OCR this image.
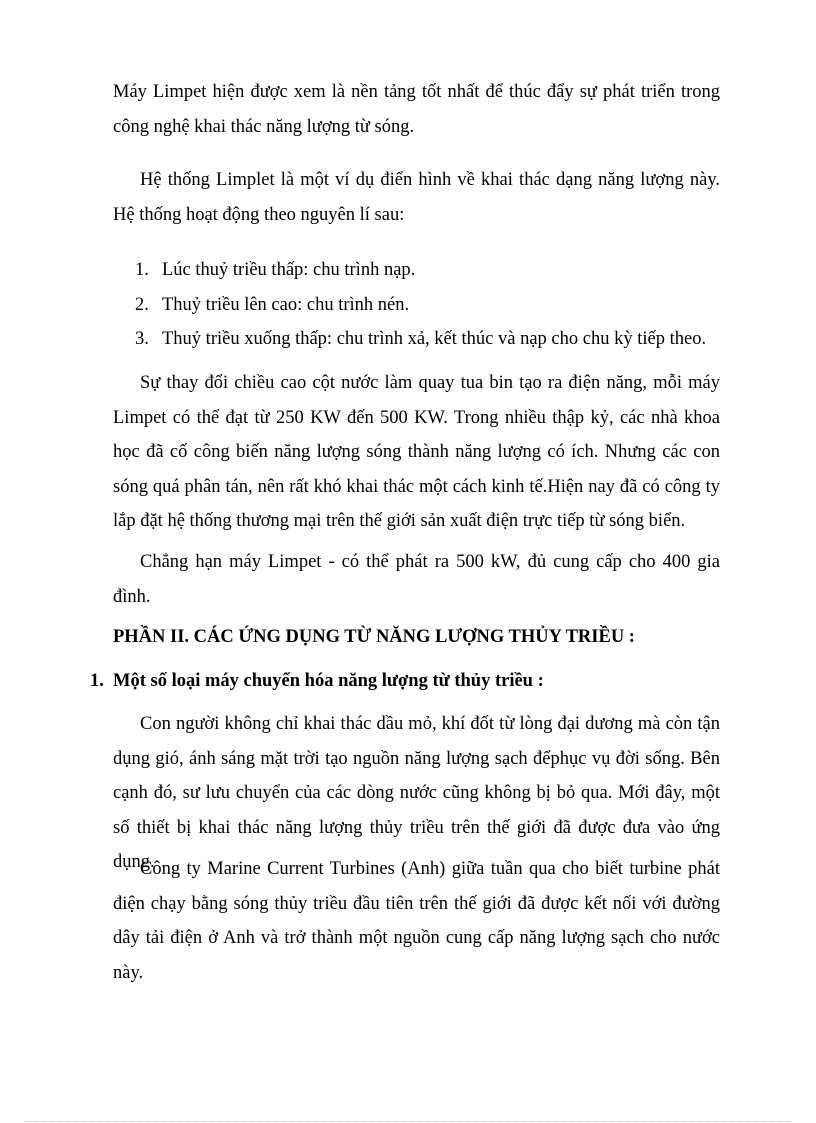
Máy Limpet hiện được xem là nền tảng tốt nhất để thúc đẩy sự phát triển trong công nghệ khai thác năng lượng từ sóng.

Hệ thống Limplet là một ví dụ điển hình về khai thác dạng năng lượng này. Hệ thống hoạt động theo nguyên lí sau:

1. Lúc thuỷ triều thấp: chu trình nạp.
2. Thuỷ triều lên cao: chu trình nén.
3. Thuỷ triều xuống thấp: chu trình xả, kết thúc và nạp cho chu kỳ tiếp theo.

Sự thay đổi chiều cao cột nước làm quay tua bin tạo ra điện năng, mỗi máy Limpet có thể đạt từ 250 KW đến 500 KW. Trong nhiều thập kỷ, các nhà khoa học đã cố công biến năng lượng sóng thành năng lượng có ích. Nhưng các con sóng quá phân tán, nên rất khó khai thác một cách kinh tế.Hiện nay đã có công ty lắp đặt hệ thống thương mại trên thế giới sản xuất điện trực tiếp từ sóng biển.

Chẳng hạn máy Limpet - có thể phát ra 500 kW, đủ cung cấp cho 400 gia đình.

PHẦN II. CÁC ỨNG DỤNG TỪ NĂNG LƯỢNG THỦY TRIỀU :
1. Một số loại máy chuyển hóa năng lượng từ thủy triều :

Con người không chỉ khai thác dầu mỏ, khí đốt từ lòng đại dương mà còn tận dụng gió, ánh sáng mặt trời tạo nguồn năng lượng sạch đểphục vụ đời sống. Bên cạnh đó, sư lưu chuyển của các dòng nước cũng không bị bỏ qua. Mới đây, một số thiết bị khai thác năng lượng thủy triều trên thế giới đã được đưa vào ứng dụng.

Công ty Marine Current Turbines (Anh) giữa tuần qua cho biết turbine phát điện chạy bằng sóng thủy triều đầu tiên trên thế giới đã được kết nối với đường dây tải điện ở Anh và trở thành một nguồn cung cấp năng lượng sạch cho nước này.
